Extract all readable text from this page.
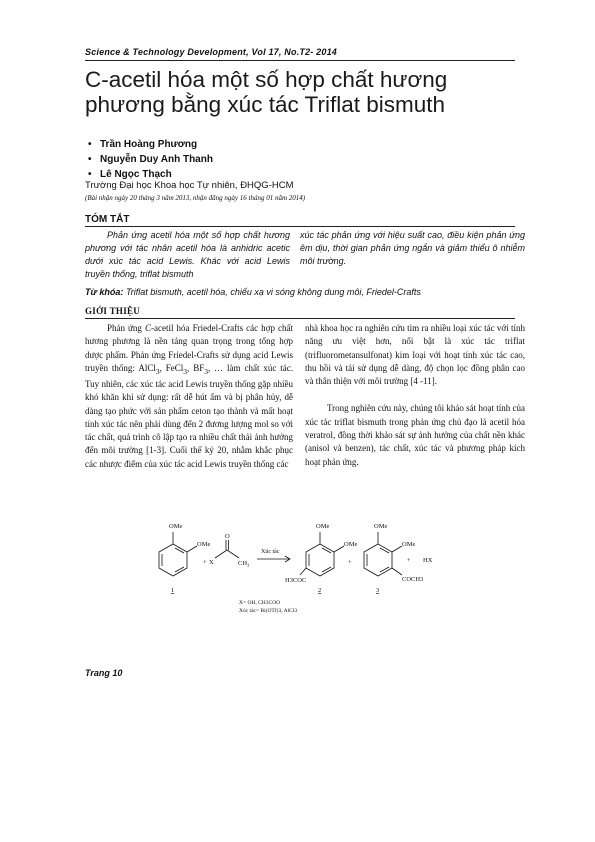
Science & Technology Development, Vol 17, No.T2- 2014
C-acetil hóa một số hợp chất hương phương bằng xúc tác Triflat bismuth
• Trần Hoàng Phương
• Nguyễn Duy Anh Thanh
• Lê Ngọc Thạch
Trường Đại học Khoa học Tự nhiên, ĐHQG-HCM
(Bài nhận ngày 20 tháng 3 năm 2013, nhận đăng ngày 16 tháng 01 năm 2014)
TÓM TẮT
Phản ứng acetil hóa một số hợp chất hương phương với tác nhân acetil hóa là anhidric acetic dưới xúc tác acid Lewis. Khác với acid Lewis truyền thống, triflat bismuth
xúc tác phản ứng với hiệu suất cao, điều kiện phản ứng êm dịu, thời gian phản ứng ngắn và giảm thiểu ô nhiễm môi trường.
Từ khóa: Triflat bismuth, acetil hóa, chiếu xạ vi sóng không dung môi, Friedel-Crafts
GIỚI THIỆU

Phản ứng C-acetil hóa Friedel-Crafts các hợp chất hương phương là nền tảng quan trọng trong tổng hợp dược phẩm. Phản ứng Friedel-Crafts sử dụng acid Lewis truyền thống: AlCl$_3$, FeCl$_3$, $BF_3$, … làm chất xúc tác. Tuy nhiên, các xúc tác acid Lewis truyền thống gặp nhiều khó khăn khi sử dụng: rất dễ hút ẩm và bị phân hủy, dễ dàng tạo phức với sản phẩm ceton tạo thành và mất hoạt tính xúc tác nên phải dùng đến 2 đương lượng mol so với tác chất, quá trình cô lập tạo ra nhiều chất thải ảnh hưởng đến môi trường [1-3]. Cuối thế kỷ 20, nhằm khắc phục các nhược điểm của xúc tác acid Lewis truyền thống các

nhà khoa học ra nghiên cứu tìm ra nhiều loại xúc tác với tính năng ưu việt hơn, nổi bật là xúc tác triflat (trifluorometansulfonat) kim loại với hoạt tính xúc tác cao, thu hồi và tái sử dụng dễ dàng, độ chọn lọc đồng phân cao và thân thiện với môi trường [4 -11].

Trong nghiên cứu này, chúng tôi khảo sát hoạt tính của xúc tác triflat bismuth trong phản ứng chủ đạo là acetil hóa veratrol, đồng thời khảo sát sự ảnh hưởng của chất nền khác (anisol và benzen), tác chất, xúc tác và phương pháp kích hoạt phản ứng.

OMe
OMe
+
O
X	$CH_3$
Xúc tác
OMe
OMe
H3COC
+
OMe
OMe
COCH3
+ HX
1	2	3
X= OH, CH3COO
Xúc tác= Bi(OTf)3, AlCl3
Trang 10
